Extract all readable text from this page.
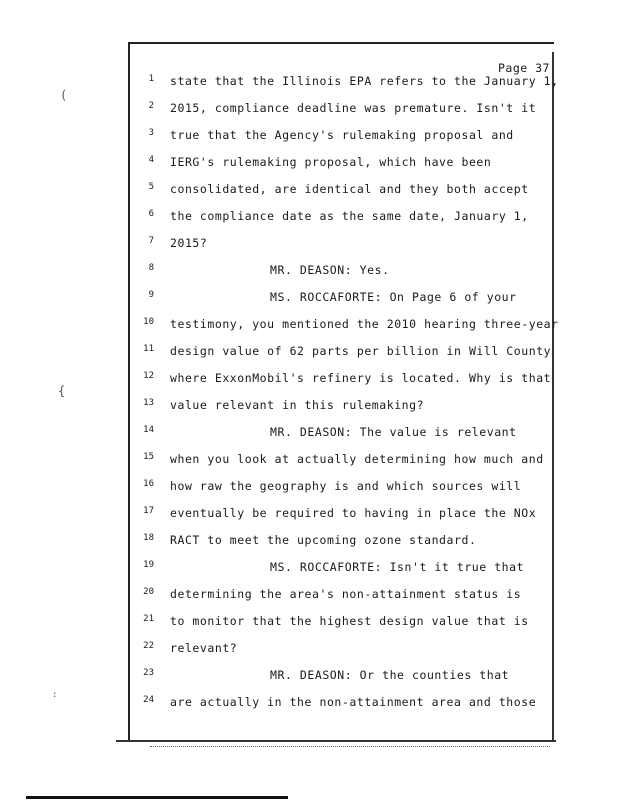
(
{
:
Page 37
1 state that the Illinois EPA refers to the January 1,
2 2015, compliance deadline was premature. Isn't it
3 true that the Agency's rulemaking proposal and
4 IERG's rulemaking proposal, which have been
5 consolidated, are identical and they both accept
6 the compliance date as the same date, January 1,
7 2015?
8	MR. DEASON: Yes.
9	MS. ROCCAFORTE: On Page 6 of your
10 testimony, you mentioned the 2010 hearing three-year
11 design value of 62 parts per billion in Will County
12 where ExxonMobil's refinery is located. Why is that
13 value relevant in this rulemaking?
14	MR. DEASON: The value is relevant
15 when you look at actually determining how much and
16 how raw the geography is and which sources will
17 eventually be required to having in place the NOx
18 RACT to meet the upcoming ozone standard.
19	MS. ROCCAFORTE: Isn't it true that
20 determining the area's non-attainment status is
21 to monitor that the highest design value that is
22 relevant?
23	MR. DEASON: Or the counties that
24 are actually in the non-attainment area and those
